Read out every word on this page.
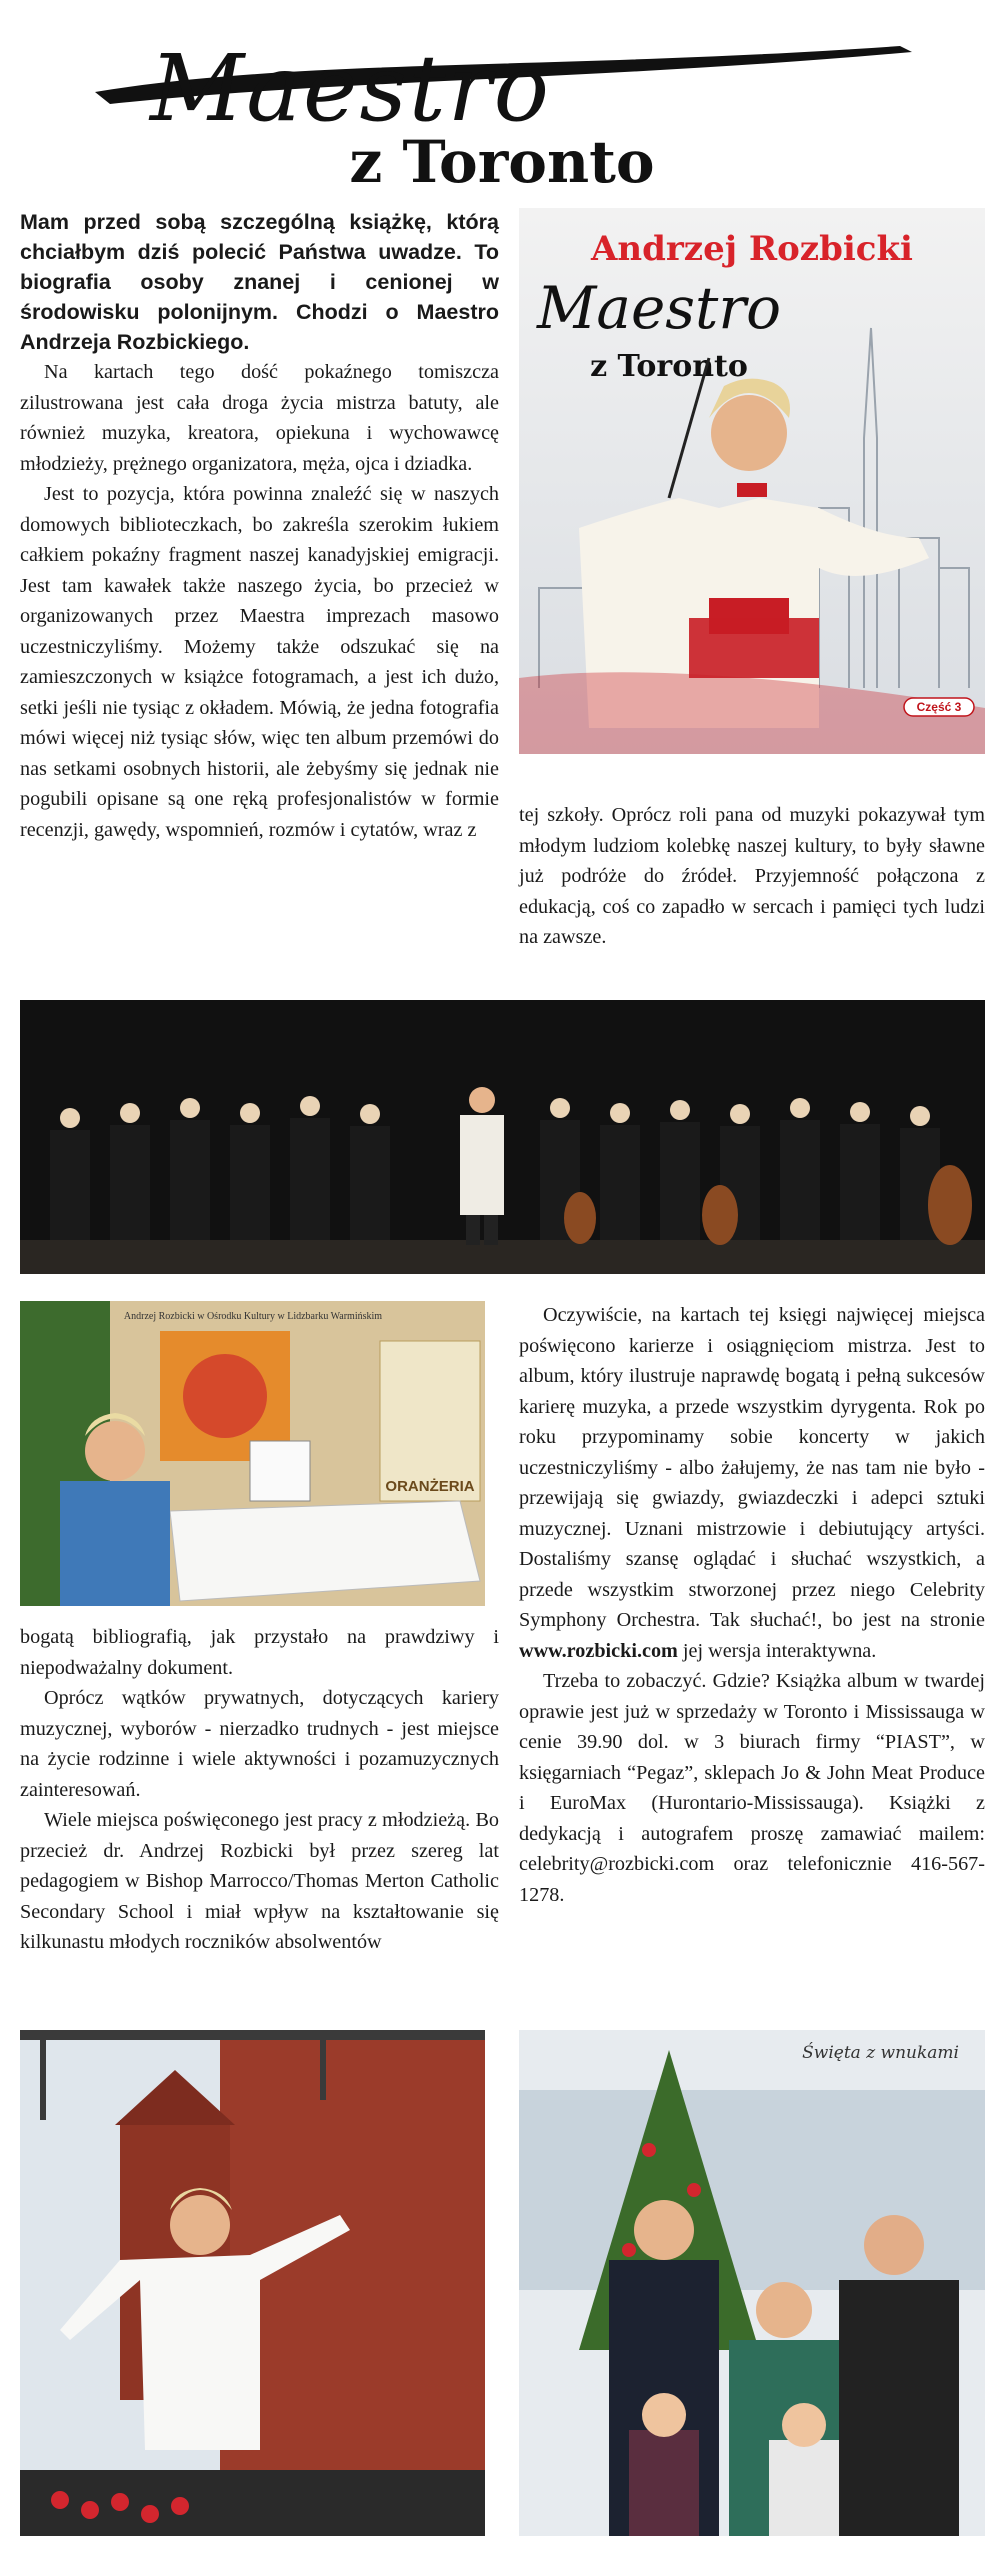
Maestro

z Toronto

Mam przed sobą szczególną książkę, którą chciałbym dziś polecić Państwa uwadze. To biografia osoby znanej i cenionej w środowisku polonijnym. Chodzi o Maestro Andrzeja Rozbickiego.

Na kartach tego dość pokaźnego tomiszcza zilustrowana jest cała droga życia mistrza batuty, ale również muzyka, kreatora, opiekuna i wychowawcę młodzieży, prężnego organizatora, męża, ojca i dziadka.

Jest to pozycja, która powinna znaleźć się w naszych domowych biblioteczkach, bo zakreśla szerokim łukiem całkiem pokaźny fragment naszej kanadyjskiej emigracji. Jest tam kawałek także naszego życia, bo przecież w organizowanych przez Maestra imprezach masowo uczestniczyliśmy. Możemy także odszukać się na zamieszczonych w książce fotogramach, a jest ich dużo, setki jeśli nie tysiąc z okładem. Mówią, że jedna fotografia mówi więcej niż tysiąc słów, więc ten album przemówi do nas setkami osobnych historii, ale żebyśmy się jednak nie pogubili opisane są one ręką profesjonalistów w formie recenzji, gawędy, wspomnień, rozmów i cytatów, wraz z

Andrzej Rozbicki
Maestro
z Toronto
Część 3

tej szkoły. Oprócz roli pana od muzyki pokazywał tym młodym ludziom kolebkę naszej kultury, to były sławne już podróże do źródeł. Przyjemność połączona z edukacją, coś co zapadło w sercach i pamięci tych ludzi na zawsze.

ORANŻERIA
Andrzej Rozbicki w Ośrodku Kultury w Lidzbarku Warmińskim

bogatą bibliografią, jak przystało na prawdziwy i niepodważalny dokument.

Oprócz wątków prywatnych, dotyczących kariery muzycznej, wyborów - nierzadko trudnych - jest miejsce na życie rodzinne i wiele aktywności i pozamuzycznych zainteresowań.

Wiele miejsca poświęconego jest pracy z młodzieżą. Bo przecież dr. Andrzej Rozbicki był przez szereg lat pedagogiem w Bishop Marrocco/Thomas Merton Catholic Secondary School i miał wpływ na kształtowanie się kilkunastu młodych roczników absolwentów

Oczywiście, na kartach tej księgi najwięcej miejsca poświęcono karierze i osiągnięciom mistrza. Jest to album, który ilustruje naprawdę bogatą i pełną sukcesów karierę muzyka, a przede wszystkim dyrygenta. Rok po roku przypominamy sobie koncerty w jakich uczestniczyliśmy - albo żałujemy, że nas tam nie było - przewijają się gwiazdy, gwiazdeczki i adepci sztuki muzycznej. Uznani mistrzowie i debiutujący artyści. Dostaliśmy szansę oglądać i słuchać wszystkich, a przede wszystkim stworzonej przez niego Celebrity Symphony Orchestra. Tak słuchać!, bo jest na stronie www.rozbicki.com jej wersja interaktywna.

Trzeba to zobaczyć. Gdzie? Książka album w twardej oprawie jest już w sprzedaży w Toronto i Mississauga w cenie 39.90 dol. w 3 biurach firmy “PIAST”, w księgarniach “Pegaz”, sklepach Jo & John Meat Produce i EuroMax (Hurontario-Mississauga). Książki z dedykacją i autografem proszę zamawiać mailem: celebrity@rozbicki.com oraz telefonicznie 416-567-1278.

Święta z wnukami
